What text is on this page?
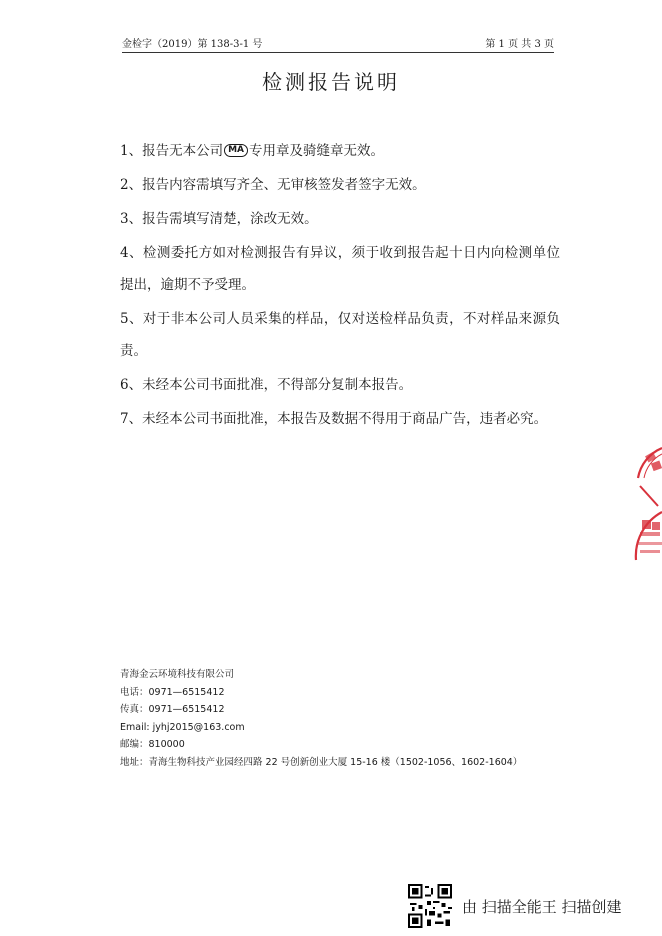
金检字（2019）第 138-3-1 号	第 1 页 共 3 页
检测报告说明
1、报告无本公司 MA 专用章及骑缝章无效。
2、报告内容需填写齐全、无审核签发者签字无效。
3、报告需填写清楚，涂改无效。
4、检测委托方如对检测报告有异议，须于收到报告起十日内向检测单位提出，逾期不予受理。
5、对于非本公司人员采集的样品，仅对送检样品负责，不对样品来源负责。
6、未经本公司书面批准，不得部分复制本报告。
7、未经本公司书面批准，本报告及数据不得用于商品广告，违者必究。
青海金云环境科技有限公司
电话：0971—6515412
传真：0971—6515412
Email: jyhj2015@163.com
邮编：810000
地址：青海生物科技产业园经四路 22 号创新创业大厦 15-16 楼（1502-1056、1602-1604）
由 扫描全能王 扫描创建
